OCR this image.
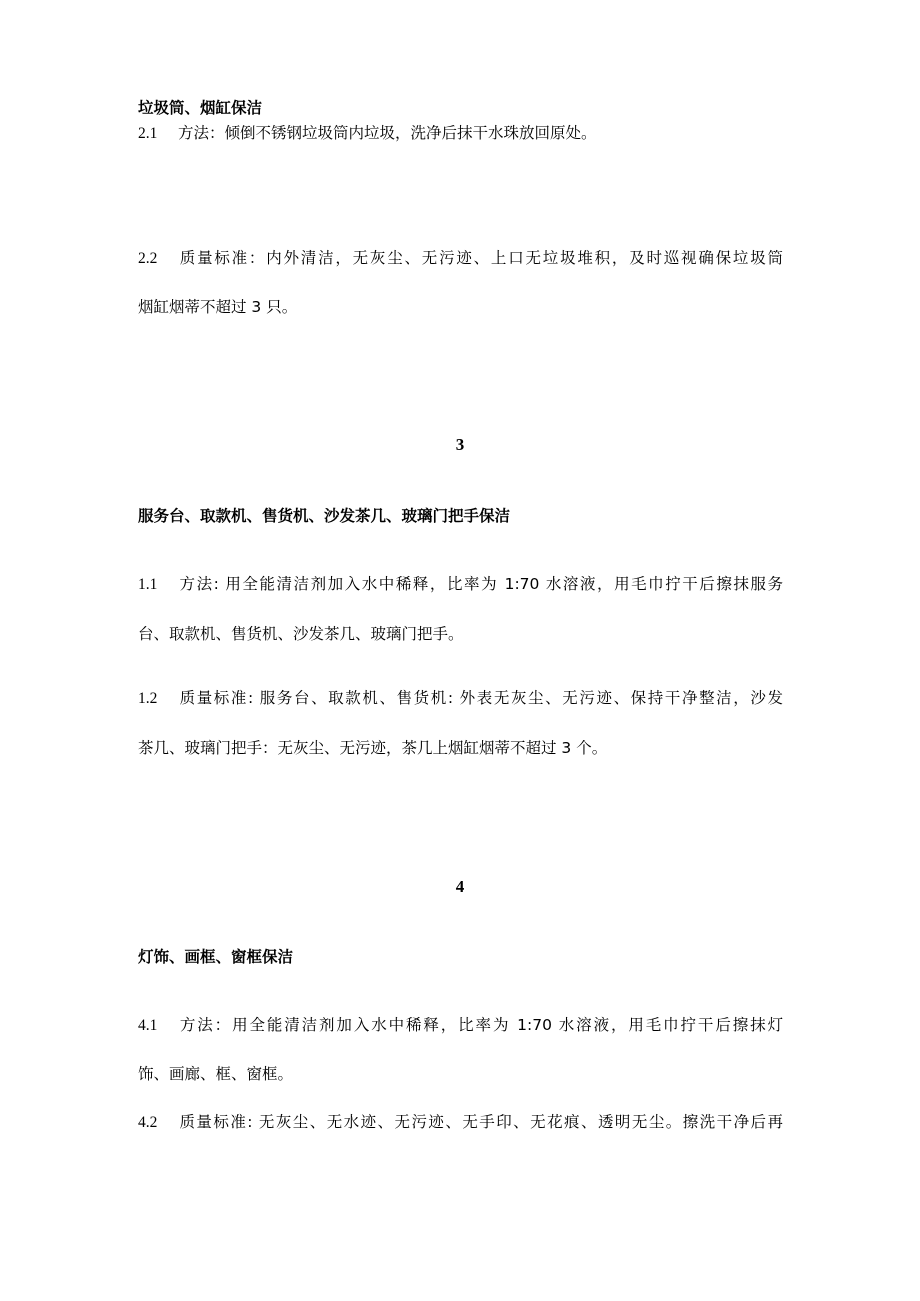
垃圾筒、烟缸保洁
2.1 方法：倾倒不锈钢垃圾筒内垃圾，洗净后抹干水珠放回原处。
2.2 质量标准：内外清洁，无灰尘、无污迹、上口无垃圾堆积，及时巡视确保垃圾筒
烟缸烟蒂不超过 3 只。
3
服务台、取款机、售货机、沙发茶几、玻璃门把手保洁
1.1 方法: 用全能清洁剂加入水中稀释，比率为 1:70 水溶液，用毛巾拧干后擦抹服务
台、取款机、售货机、沙发茶几、玻璃门把手。
1.2 质量标准: 服务台、取款机、售货机: 外表无灰尘、无污迹、保持干净整洁，沙发
茶几、玻璃门把手：无灰尘、无污迹，茶几上烟缸烟蒂不超过 3 个。
4
灯饰、画框、窗框保洁
4.1 方法：用全能清洁剂加入水中稀释，比率为 1:70 水溶液，用毛巾拧干后擦抹灯
饰、画廊、框、窗框。
4.2 质量标准: 无灰尘、无水迹、无污迹、无手印、无花痕、透明无尘。擦洗干净后再
